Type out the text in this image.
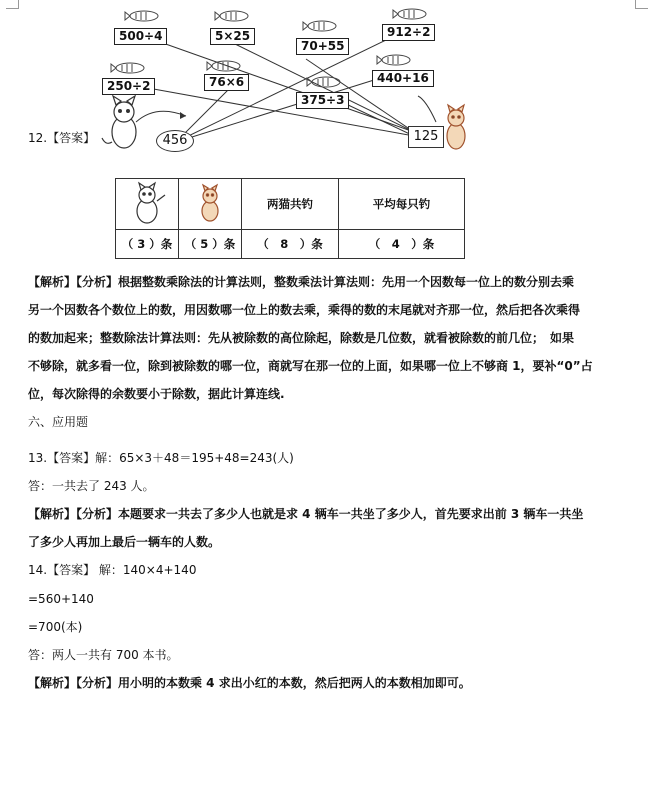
500÷4	5×25
70+55
912÷2
250÷2	76×6	440+16
375÷3
456	125
12.【答案】
		两猫共钓	平均每只钓
（ 3 ）条	（ 5 ）条	（　8　）条	（　4　）条
【解析】【分析】根据整数乘除法的计算法则，整数乘法计算法则：先用一个因数每一位上的数分别去乘
另一个因数各个数位上的数，用因数哪一位上的数去乘，乘得的数的末尾就对齐那一位，然后把各次乘得
的数加起来；整数除法计算法则：先从被除数的高位除起，除数是几位数，就看被除数的前几位；　如果
不够除，就多看一位，除到被除数的哪一位，商就写在那一位的上面，如果哪一位上不够商 1，要补“0”占
位，每次除得的余数要小于除数，据此计算连线.
六、应用题
13.【答案】解：65×3＋48＝195+48=243(人)
答：一共去了 243 人。
【解析】【分析】本题要求一共去了多少人也就是求 4 辆车一共坐了多少人，首先要求出前 3 辆车一共坐
了多少人再加上最后一辆车的人数。
14.【答案】 解：140×4+140
=560+140
=700(本)
答：两人一共有 700 本书。
【解析】【分析】用小明的本数乘 4 求出小红的本数，然后把两人的本数相加即可。
